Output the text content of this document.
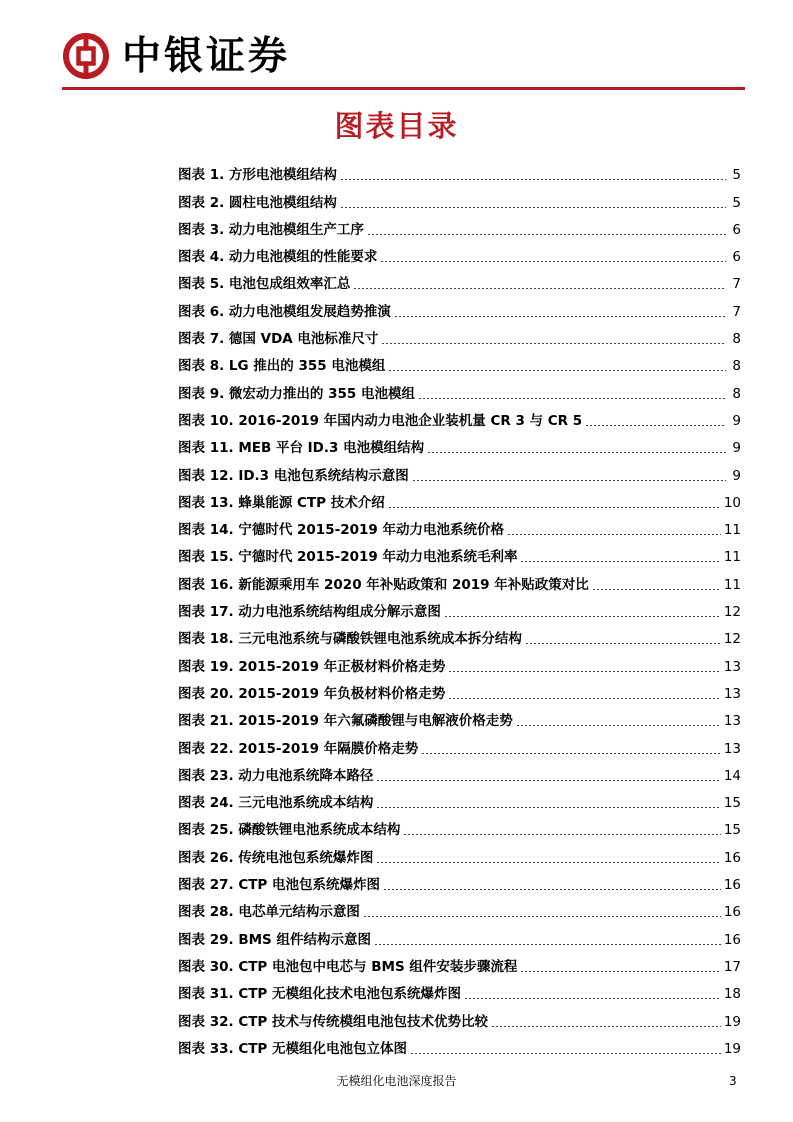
中银证券
图表目录
图表 1. 方形电池模组结构	5
图表 2. 圆柱电池模组结构	5
图表 3. 动力电池模组生产工序	6
图表 4. 动力电池模组的性能要求	6
图表 5. 电池包成组效率汇总	7
图表 6. 动力电池模组发展趋势推演	7
图表 7. 德国 VDA 电池标准尺寸	8
图表 8. LG 推出的 355 电池模组	8
图表 9. 微宏动力推出的 355 电池模组	8
图表 10. 2016-2019 年国内动力电池企业装机量 CR 3 与 CR 5	9
图表 11. MEB 平台 ID.3 电池模组结构	9
图表 12. ID.3 电池包系统结构示意图	9
图表 13. 蜂巢能源 CTP 技术介绍	10
图表 14. 宁德时代 2015-2019 年动力电池系统价格	11
图表 15. 宁德时代 2015-2019 年动力电池系统毛利率	11
图表 16. 新能源乘用车 2020 年补贴政策和 2019 年补贴政策对比	11
图表 17. 动力电池系统结构组成分解示意图	12
图表 18. 三元电池系统与磷酸铁锂电池系统成本拆分结构	12
图表 19. 2015-2019 年正极材料价格走势	13
图表 20. 2015-2019 年负极材料价格走势	13
图表 21. 2015-2019 年六氟磷酸锂与电解液价格走势	13
图表 22. 2015-2019 年隔膜价格走势	13
图表 23. 动力电池系统降本路径	14
图表 24. 三元电池系统成本结构	15
图表 25. 磷酸铁锂电池系统成本结构	15
图表 26. 传统电池包系统爆炸图	16
图表 27. CTP 电池包系统爆炸图	16
图表 28. 电芯单元结构示意图	16
图表 29. BMS 组件结构示意图	16
图表 30. CTP 电池包中电芯与 BMS 组件安装步骤流程	17
图表 31. CTP 无模组化技术电池包系统爆炸图	18
图表 32. CTP 技术与传统模组电池包技术优势比较	19
图表 33. CTP 无模组化电池包立体图	19
无模组化电池深度报告	3
